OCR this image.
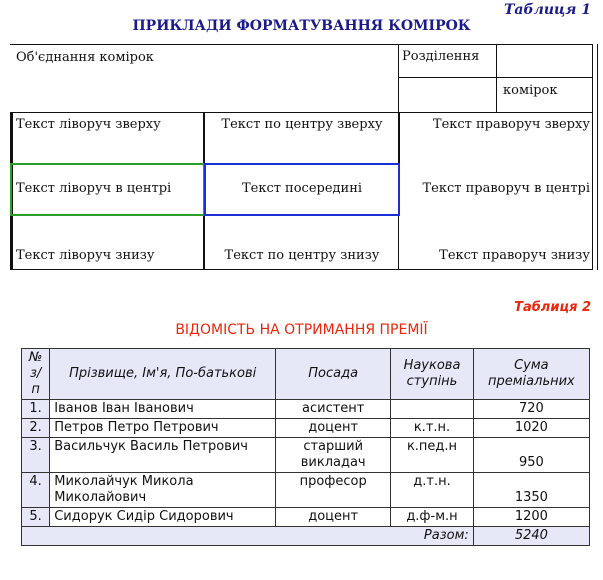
Таблиця 1
ПРИКЛАДИ ФОРМАТУВАННЯ КОМІРОК
Об'єднання комірок	Розділення
комірок
Текст ліворуч зверху	Текст по центру зверху	Текст праворуч зверху
Текст ліворуч в центрі	Текст посередині	Текст праворуч в центрі
Текст ліворуч знизу	Текст по центру знизу	Текст праворуч знизу
Таблиця 2
ВІДОМІСТЬ НА ОТРИМАННЯ ПРЕМІЇ
№ з/п	Прізвище, Ім'я, По-батькові	Посада	Наукова ступінь	Сума преміальних
1.	Іванов Іван Іванович	асистент		720
2.	Петров Петро Петрович	доцент	к.т.н.	1020
3.	Васильчук Василь Петрович	старший викладач	к.пед.н	950
4.	Миколайчук Микола Миколайович	професор	д.т.н.	1350
5.	Сидорук Сидір Сидорович	доцент	д.ф-м.н	1200
Разом:				5240
